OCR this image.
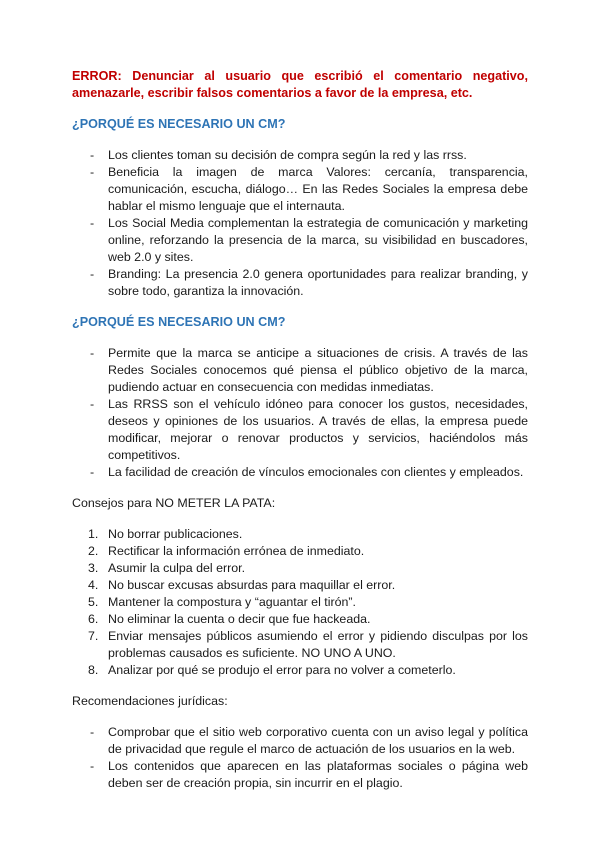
ERROR: Denunciar al usuario que escribió el comentario negativo, amenazarle, escribir falsos comentarios a favor de la empresa, etc.

¿PORQUÉ ES NECESARIO UN CM?
- Los clientes toman su decisión de compra según la red y las rrss.
- Beneficia la imagen de marca Valores: cercanía, transparencia, comunicación, escucha, diálogo… En las Redes Sociales la empresa debe hablar el mismo lenguaje que el internauta.
- Los Social Media complementan la estrategia de comunicación y marketing online, reforzando la presencia de la marca, su visibilidad en buscadores, web 2.0 y sites.
- Branding: La presencia 2.0 genera oportunidades para realizar branding, y sobre todo, garantiza la innovación.
¿PORQUÉ ES NECESARIO UN CM?
- Permite que la marca se anticipe a situaciones de crisis. A través de las Redes Sociales conocemos qué piensa el público objetivo de la marca, pudiendo actuar en consecuencia con medidas inmediatas.
- Las RRSS son el vehículo idóneo para conocer los gustos, necesidades, deseos y opiniones de los usuarios. A través de ellas, la empresa puede modificar, mejorar o renovar productos y servicios, haciéndolos más competitivos.
- La facilidad de creación de vínculos emocionales con clientes y empleados.

Consejos para NO METER LA PATA:

1. No borrar publicaciones.
2. Rectificar la información errónea de inmediato.
3. Asumir la culpa del error.
4. No buscar excusas absurdas para maquillar el error.
5. Mantener la compostura y “aguantar el tirón”.
6. No eliminar la cuenta o decir que fue hackeada.
7. Enviar mensajes públicos asumiendo el error y pidiendo disculpas por los problemas causados es suficiente. NO UNO A UNO.
8. Analizar por qué se produjo el error para no volver a cometerlo.

Recomendaciones jurídicas:

- Comprobar que el sitio web corporativo cuenta con un aviso legal y política de privacidad que regule el marco de actuación de los usuarios en la web.
- Los contenidos que aparecen en las plataformas sociales o página web deben ser de creación propia, sin incurrir en el plagio.
